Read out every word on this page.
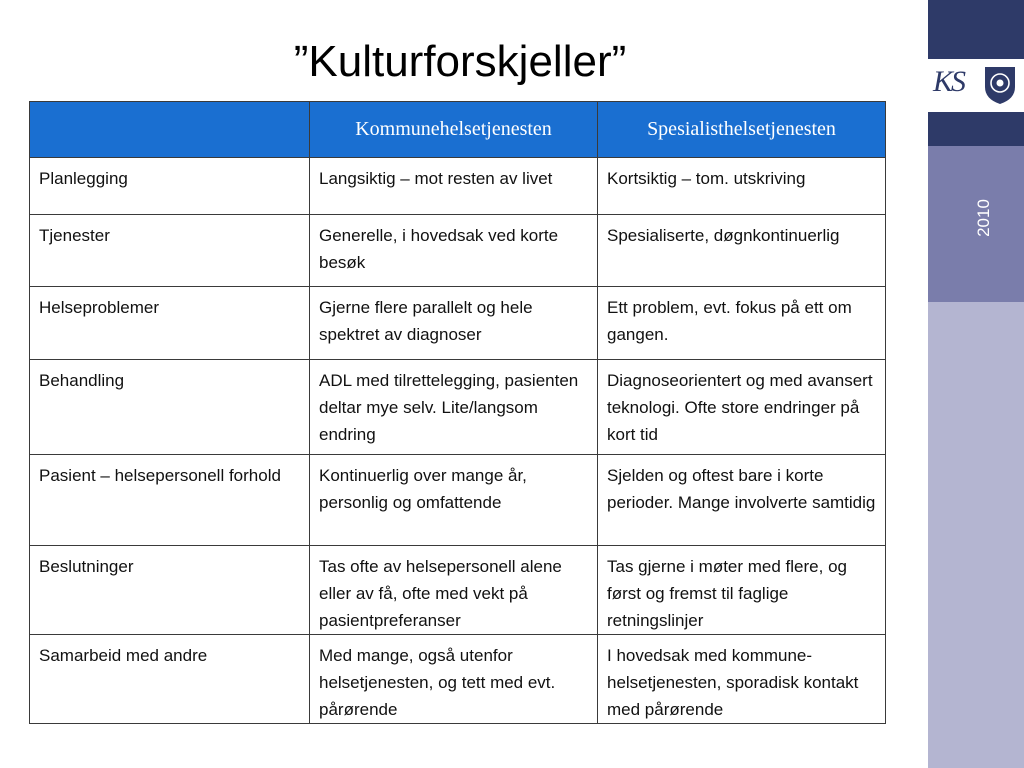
”Kulturforskjeller”	KS
2010
	Kommunehelsetjenesten	Spesialisthelsetjenesten
Planlegging	Langsiktig – mot resten av livet	Kortsiktig – tom. utskriving
Tjenester	Generelle, i hovedsak ved korte besøk	Spesialiserte, døgnkontinuerlig
Helseproblemer	Gjerne flere parallelt og hele spektret av diagnoser	Ett problem, evt. fokus på ett om gangen.
Behandling	ADL med tilrettelegging, pasienten deltar mye selv. Lite/langsom endring	Diagnoseorientert og med avansert teknologi. Ofte store endringer på kort tid
Pasient – helsepersonell forhold	Kontinuerlig over mange år, personlig og omfattende	Sjelden og oftest bare i korte perioder. Mange involverte samtidig
Beslutninger	Tas ofte av helsepersonell alene eller av få, ofte med vekt på pasientpreferanser	Tas gjerne i møter med flere, og først og fremst til faglige retningslinjer
Samarbeid med andre	Med mange, også utenfor helsetjenesten, og tett med evt. pårørende	I hovedsak med kommune-helsetjenesten, sporadisk kontakt med pårørende
